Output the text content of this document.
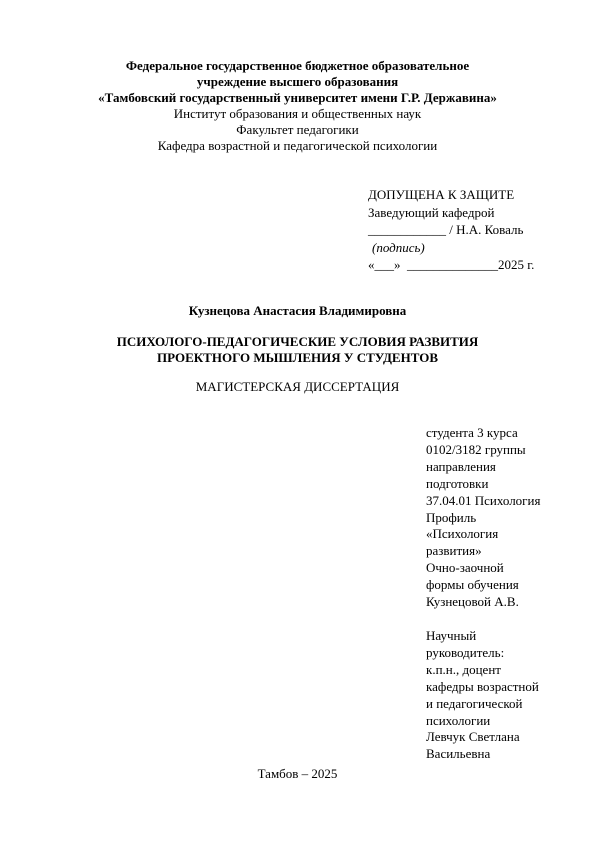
Федеральное государственное бюджетное образовательное
учреждение высшего образования
«Тамбовский государственный университет имени Г.Р. Державина»
Институт образования и общественных наук
Факультет педагогики
Кафедра возрастной и педагогической психологии
ДОПУЩЕНА К ЗАЩИТЕ
Заведующий кафедрой
____________ / Н.А. Коваль
(подпись)
«___»  ______________2025 г.
Кузнецова Анастасия Владимировна
ПСИХОЛОГО-ПЕДАГОГИЧЕСКИЕ УСЛОВИЯ РАЗВИТИЯ
ПРОЕКТНОГО МЫШЛЕНИЯ У СТУДЕНТОВ
МАГИСТЕРСКАЯ ДИССЕРТАЦИЯ
студента 3 курса
0102/3182 группы
направления
подготовки
37.04.01 Психология
Профиль
«Психология
развития»
Очно-заочной
формы обучения
Кузнецовой А.В.
Научный
руководитель:
к.п.н., доцент
кафедры возрастной
и педагогической
психологии
Левчук Светлана
Васильевна
Тамбов – 2025
